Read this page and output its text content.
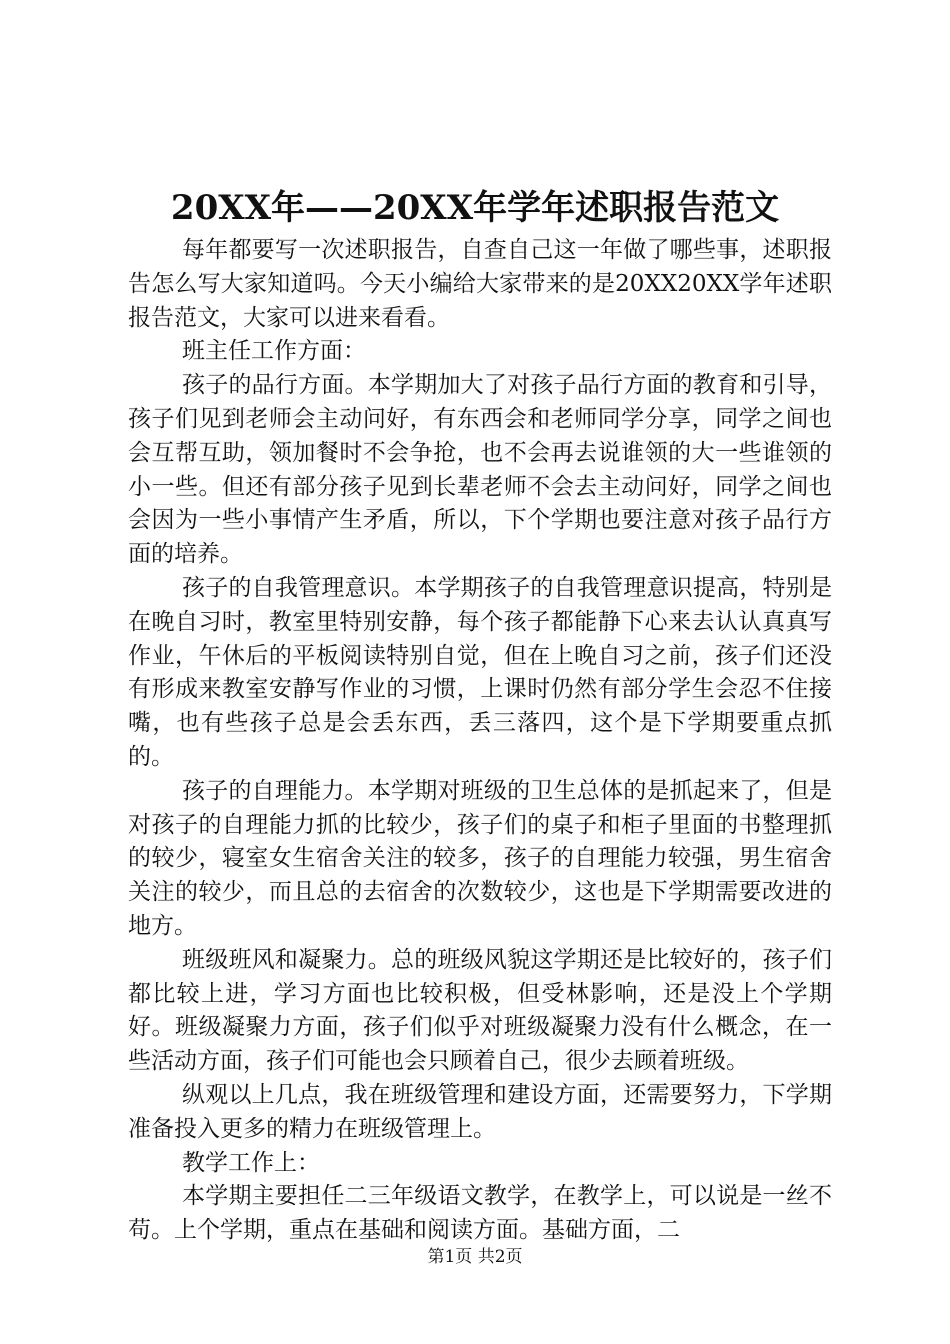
20XX年——20XX年学年述职报告范文

每年都要写一次述职报告，自查自己这一年做了哪些事，述职报告怎么写大家知道吗。今天小编给大家带来的是20XX20XX学年述职报告范文，大家可以进来看看。

班主任工作方面：

孩子的品行方面。本学期加大了对孩子品行方面的教育和引导，孩子们见到老师会主动问好，有东西会和老师同学分享，同学之间也会互帮互助，领加餐时不会争抢，也不会再去说谁领的大一些谁领的小一些。但还有部分孩子见到长辈老师不会去主动问好，同学之间也会因为一些小事情产生矛盾，所以，下个学期也要注意对孩子品行方面的培养。

孩子的自我管理意识。本学期孩子的自我管理意识提高，特别是在晚自习时，教室里特别安静，每个孩子都能静下心来去认认真真写作业，午休后的平板阅读特别自觉，但在上晚自习之前，孩子们还没有形成来教室安静写作业的习惯，上课时仍然有部分学生会忍不住接嘴，也有些孩子总是会丢东西，丢三落四，这个是下学期要重点抓的。

孩子的自理能力。本学期对班级的卫生总体的是抓起来了，但是对孩子的自理能力抓的比较少，孩子们的桌子和柜子里面的书整理抓的较少，寝室女生宿舍关注的较多，孩子的自理能力较强，男生宿舍关注的较少，而且总的去宿舍的次数较少，这也是下学期需要改进的地方。

班级班风和凝聚力。总的班级风貌这学期还是比较好的，孩子们都比较上进，学习方面也比较积极，但受林影响，还是没上个学期好。班级凝聚力方面，孩子们似乎对班级凝聚力没有什么概念，在一些活动方面，孩子们可能也会只顾着自己，很少去顾着班级。

纵观以上几点，我在班级管理和建设方面，还需要努力，下学期准备投入更多的精力在班级管理上。

教学工作上：

本学期主要担任二三年级语文教学，在教学上，可以说是一丝不苟。上个学期，重点在基础和阅读方面。基础方面，二

第1页 共2页
